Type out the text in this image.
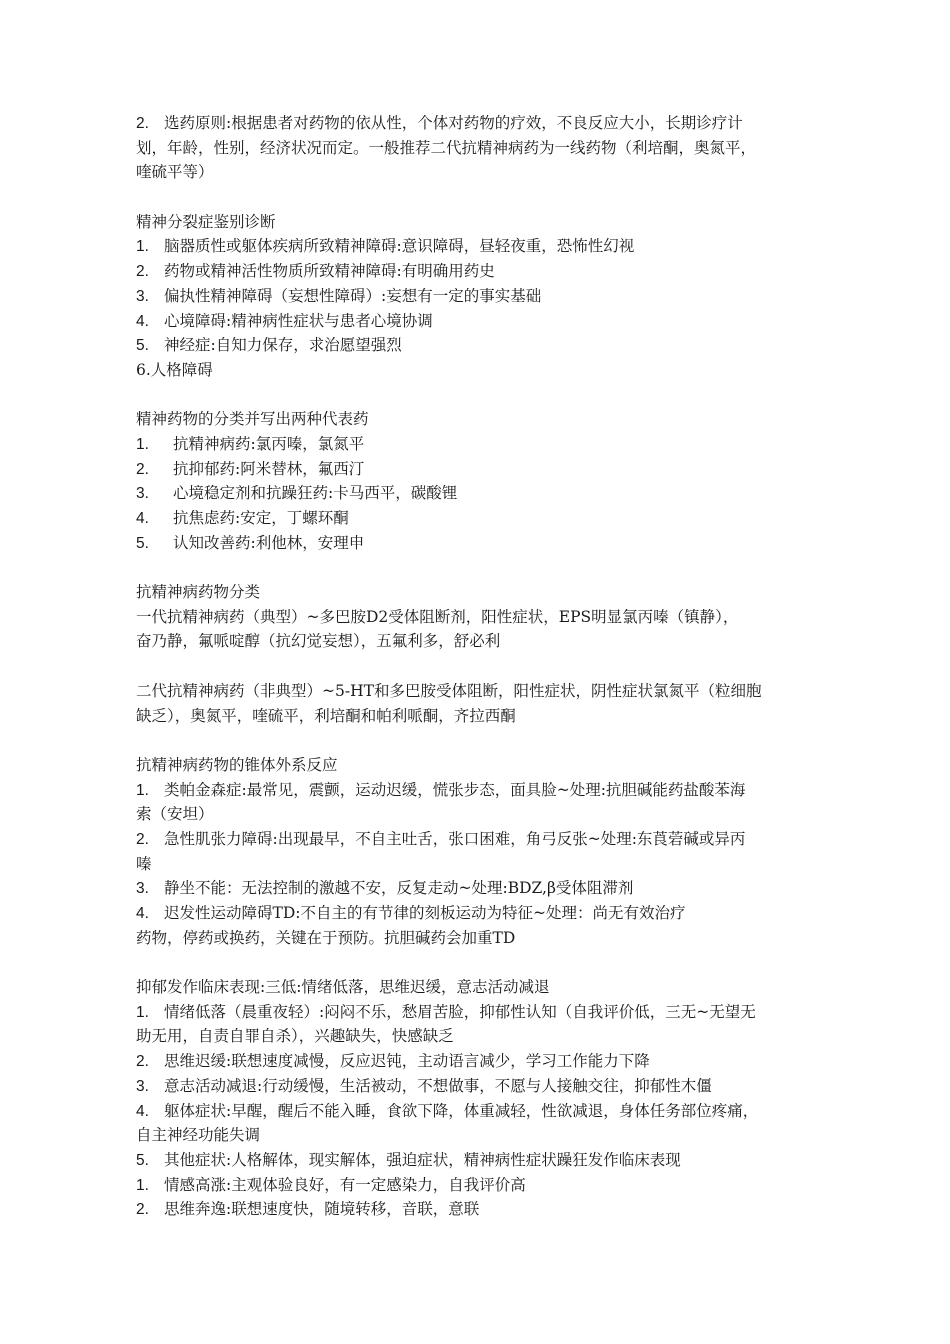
2. 选药原则:根据患者对药物的依从性，个体对药物的疗效，不良反应大小，长期诊疗计
划，年龄，性别，经济状况而定。一般推荐二代抗精神病药为一线药物（利培酮，奥氮平，
喹硫平等）
精神分裂症鉴别诊断
1. 脑器质性或躯体疾病所致精神障碍:意识障碍，昼轻夜重，恐怖性幻视
2. 药物或精神活性物质所致精神障碍:有明确用药史
3. 偏执性精神障碍（妄想性障碍）:妄想有一定的事实基础
4. 心境障碍:精神病性症状与患者心境协调
5. 神经症:自知力保存，求治愿望强烈
6.人格障碍
精神药物的分类并写出两种代表药
1. 抗精神病药:氯丙嗪，氯氮平
2. 抗抑郁药:阿米替林，氟西汀
3. 心境稳定剂和抗躁狂药:卡马西平，碳酸锂
4. 抗焦虑药:安定，丁螺环酮
5. 认知改善药:利他林，安理申
抗精神病药物分类
一代抗精神病药（典型）~多巴胺D2受体阻断剂，阳性症状，EPS明显氯丙嗪（镇静），
奋乃静，氟哌啶醇（抗幻觉妄想），五氟利多，舒必利
二代抗精神病药（非典型）~5-HT和多巴胺受体阻断，阳性症状，阴性症状氯氮平（粒细胞
缺乏），奥氮平，喹硫平，利培酮和帕利哌酮，齐拉西酮
抗精神病药物的锥体外系反应
1. 类帕金森症:最常见，震颤，运动迟缓，慌张步态，面具脸~处理:抗胆碱能药盐酸苯海
索（安坦）
2. 急性肌张力障碍:出现最早，不自主吐舌，张口困难，角弓反张~处理:东莨菪碱或异丙
嗪
3. 静坐不能：无法控制的激越不安，反复走动~处理:BDZ,β受体阻滞剂
4. 迟发性运动障碍TD:不自主的有节律的刻板运动为特征~处理：尚无有效治疗
药物，停药或换药，关键在于预防。抗胆碱药会加重TD
抑郁发作临床表现:三低:情绪低落，思维迟缓，意志活动减退
1. 情绪低落（晨重夜轻）:闷闷不乐，愁眉苦脸，抑郁性认知（自我评价低，三无~无望无
助无用，自责自罪自杀），兴趣缺失，快感缺乏
2. 思维迟缓:联想速度减慢，反应迟钝，主动语言减少，学习工作能力下降
3. 意志活动减退:行动缓慢，生活被动，不想做事，不愿与人接触交往，抑郁性木僵
4. 躯体症状:早醒，醒后不能入睡，食欲下降，体重减轻，性欲减退，身体任务部位疼痛，
自主神经功能失调
5. 其他症状:人格解体，现实解体，强迫症状，精神病性症状躁狂发作临床表现
1. 情感高涨:主观体验良好，有一定感染力，自我评价高
2. 思维奔逸:联想速度快，随境转移，音联，意联
